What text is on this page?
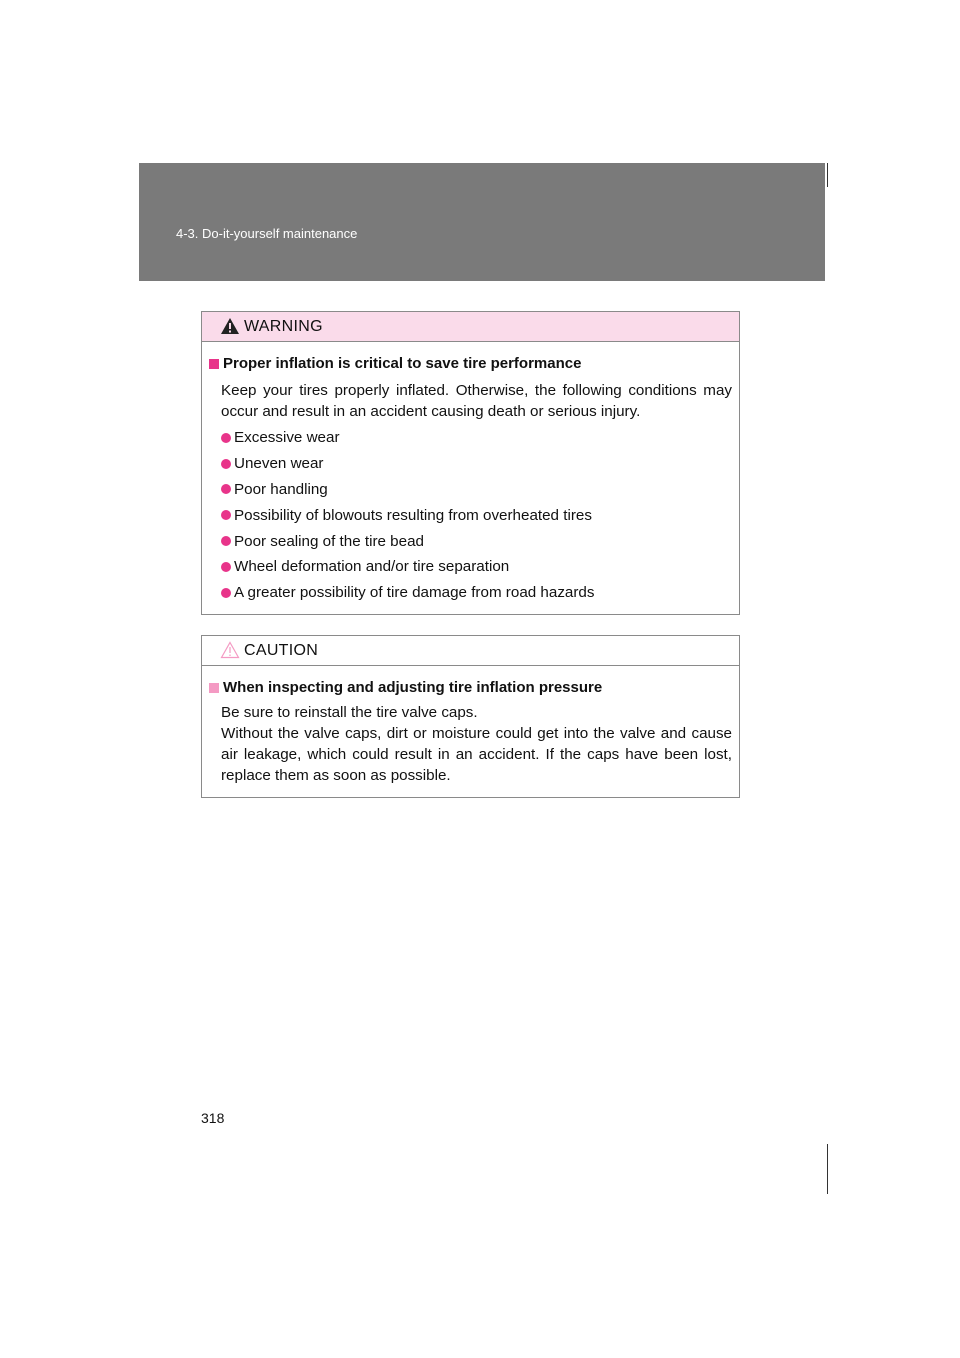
4-3. Do-it-yourself maintenance
WARNING
Proper inflation is critical to save tire performance
Keep your tires properly inflated. Otherwise, the following conditions may occur and result in an accident causing death or serious injury.
Excessive wear
Uneven wear
Poor handling
Possibility of blowouts resulting from overheated tires
Poor sealing of the tire bead
Wheel deformation and/or tire separation
A greater possibility of tire damage from road hazards
CAUTION
When inspecting and adjusting tire inflation pressure
Be sure to reinstall the tire valve caps.
Without the valve caps, dirt or moisture could get into the valve and cause air leakage, which could result in an accident. If the caps have been lost, replace them as soon as possible.
318
